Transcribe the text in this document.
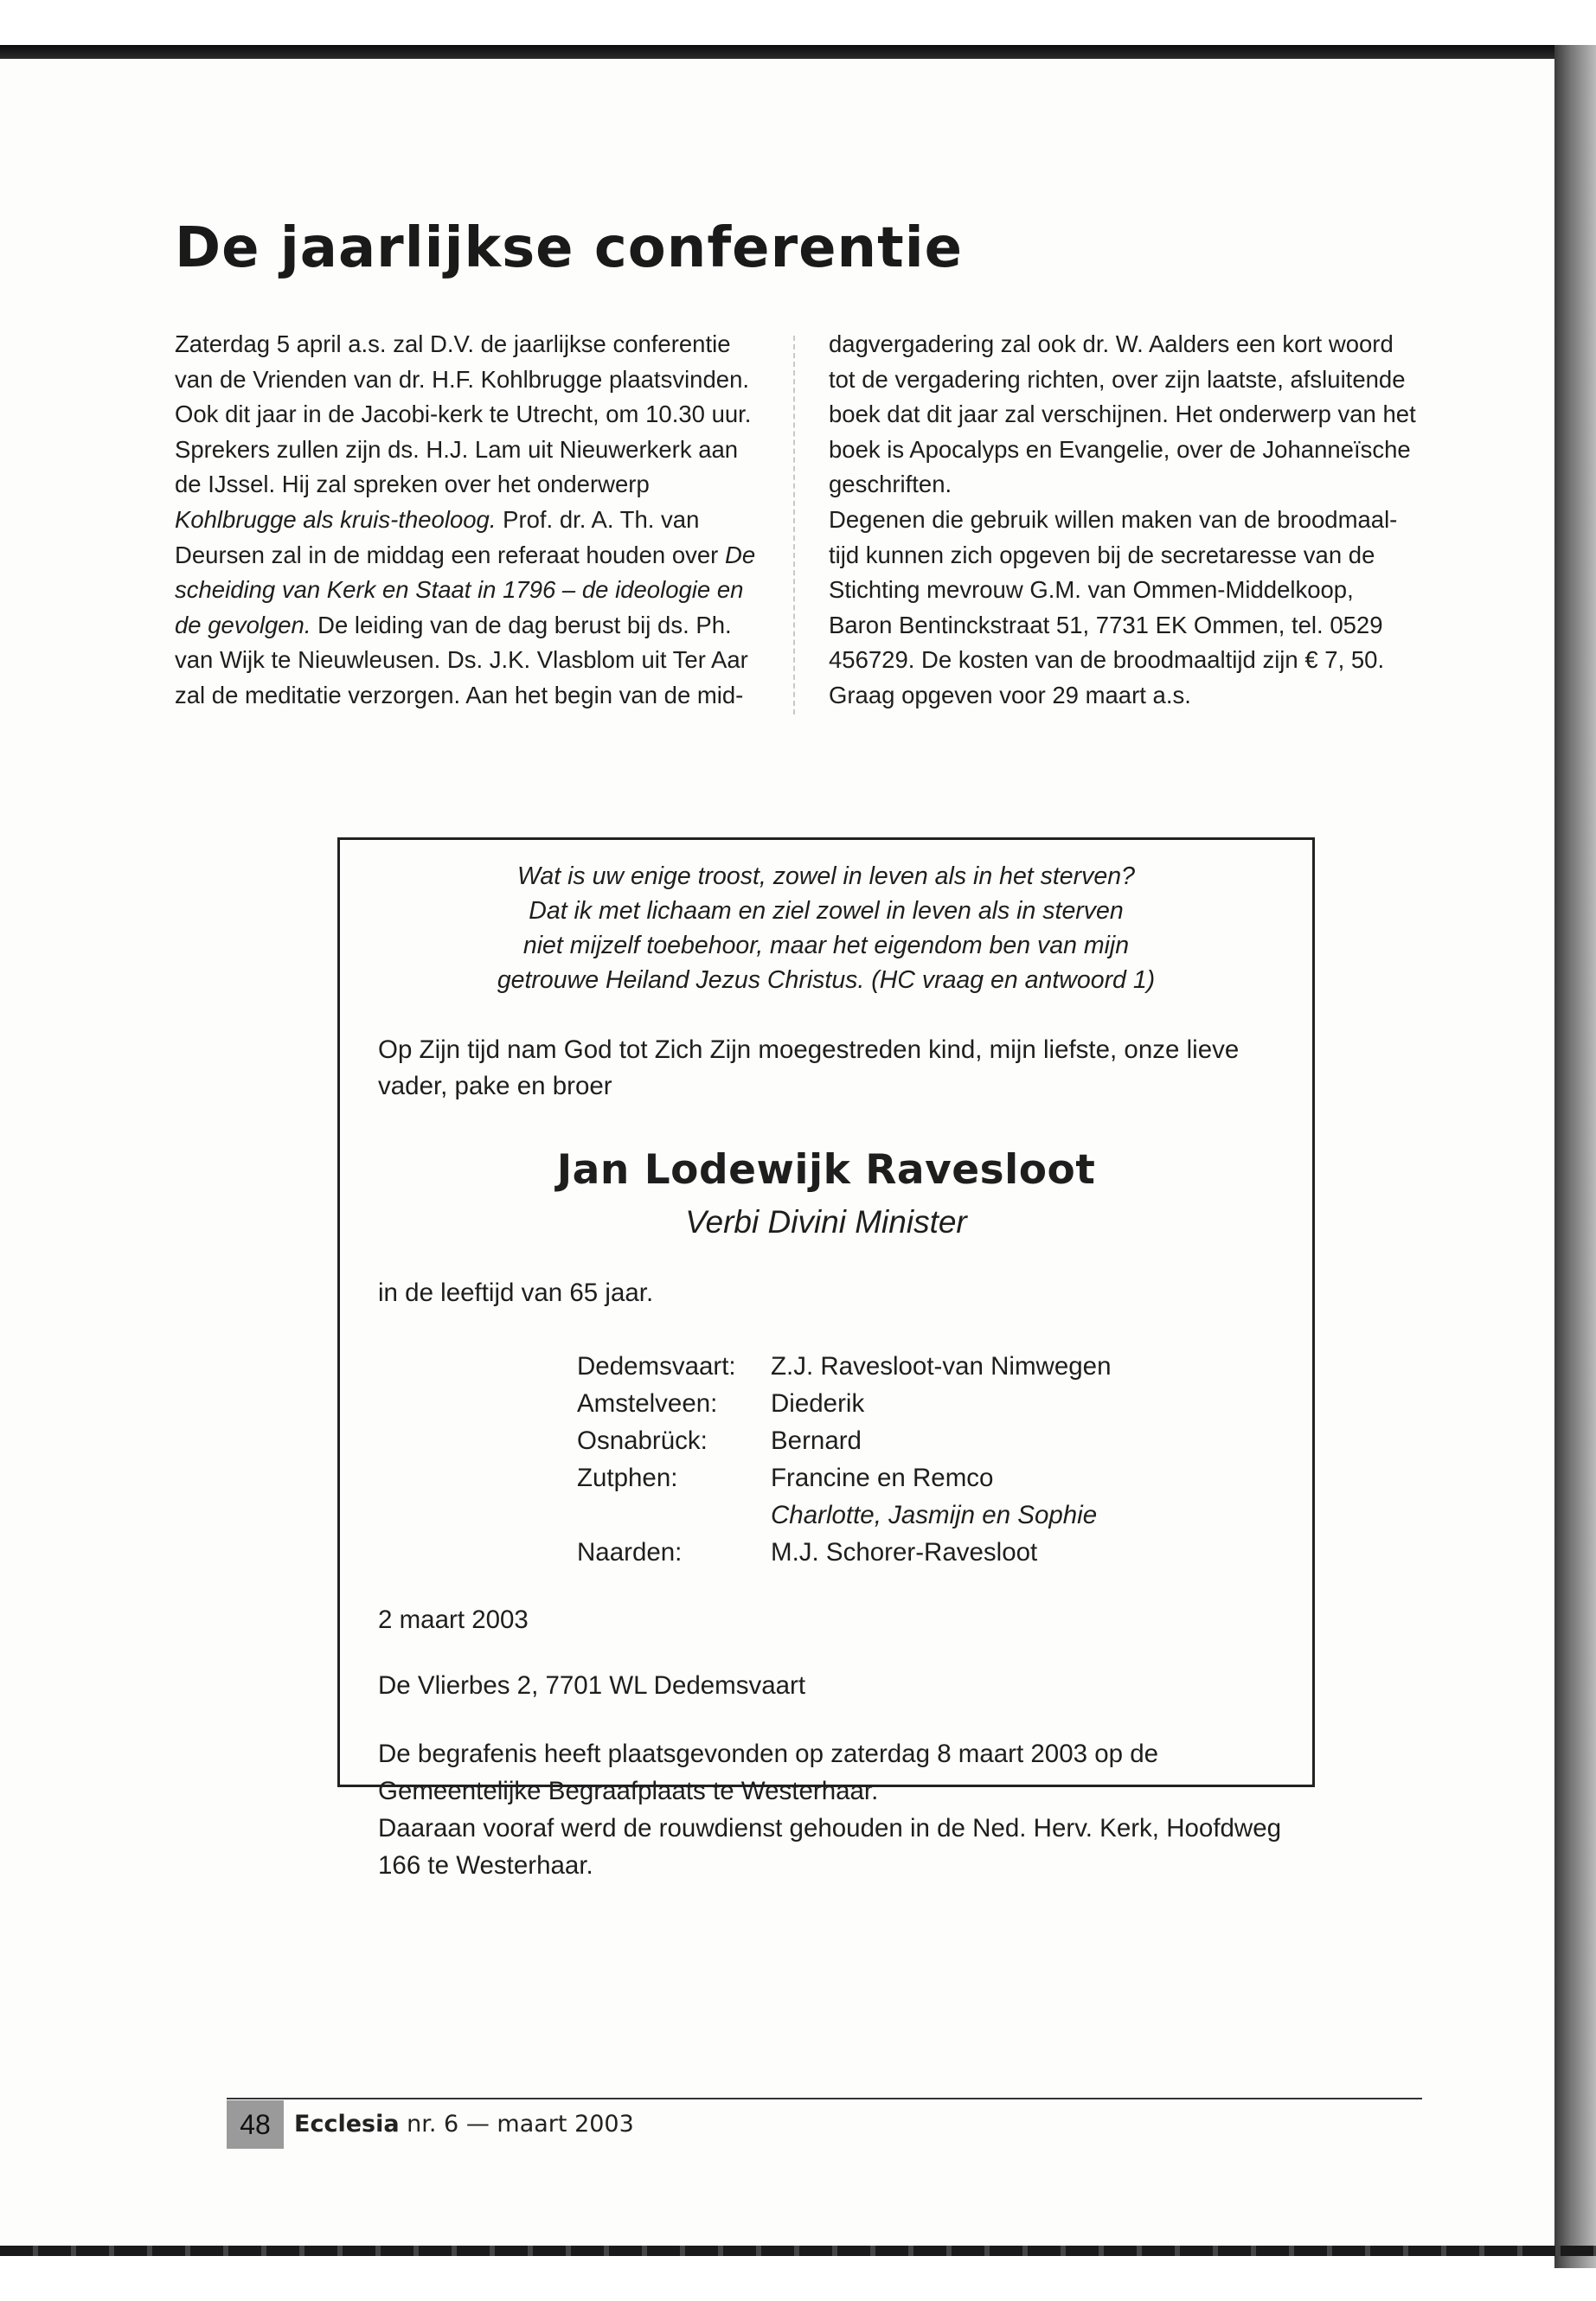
De jaarlijkse conferentie

Zaterdag 5 april a.s. zal D.V. de jaarlijkse conferentie van de Vrienden van dr. H.F. Kohlbrugge plaatsvinden. Ook dit jaar in de Jacobi-kerk te Utrecht, om 10.30 uur. Sprekers zullen zijn ds. H.J. Lam uit Nieuwerkerk aan de IJssel. Hij zal spreken over het onderwerp Kohlbrugge als kruis-theoloog. Prof. dr. A. Th. van Deursen zal in de middag een referaat houden over De scheiding van Kerk en Staat in 1796 – de ideologie en de gevolgen. De leiding van de dag berust bij ds. Ph. van Wijk te Nieuwleusen. Ds. J.K. Vlasblom uit Ter Aar zal de meditatie verzorgen. Aan het begin van de mid-

dagvergadering zal ook dr. W. Aalders een kort woord tot de vergadering richten, over zijn laatste, afsluitende boek dat dit jaar zal verschijnen. Het onderwerp van het boek is Apocalyps en Evangelie, over de Johanneïsche geschriften.

Degenen die gebruik willen maken van de broodmaal-tijd kunnen zich opgeven bij de secretaresse van de Stichting mevrouw G.M. van Ommen-Middelkoop, Baron Bentinckstraat 51, 7731 EK Ommen, tel. 0529 456729. De kosten van de broodmaaltijd zijn € 7, 50. Graag opgeven voor 29 maart a.s.

Wat is uw enige troost, zowel in leven als in het sterven?
Dat ik met lichaam en ziel zowel in leven als in sterven
niet mijzelf toebehoor, maar het eigendom ben van mijn
getrouwe Heiland Jezus Christus. (HC vraag en antwoord 1)
Op Zijn tijd nam God tot Zich Zijn moegestreden kind, mijn liefste, onze lieve vader, pake en broer
Jan Lodewijk Ravesloot
Verbi Divini Minister
in de leeftijd van 65 jaar.
Dedemsvaart:	Z.J. Ravesloot-van Nimwegen
Amstelveen:	Diederik
Osnabrück:	Bernard
Zutphen:	Francine en Remco
	Charlotte, Jasmijn en Sophie
Naarden:	M.J. Schorer-Ravesloot
2 maart 2003
De Vlierbes 2, 7701 WL Dedemsvaart
De begrafenis heeft plaatsgevonden op zaterdag 8 maart 2003 op de Gemeentelijke Begraafplaats te Westerhaar.
Daaraan vooraf werd de rouwdienst gehouden in de Ned. Herv. Kerk, Hoofdweg 166 te Westerhaar.
48	Ecclesia nr. 6 — maart 2003
